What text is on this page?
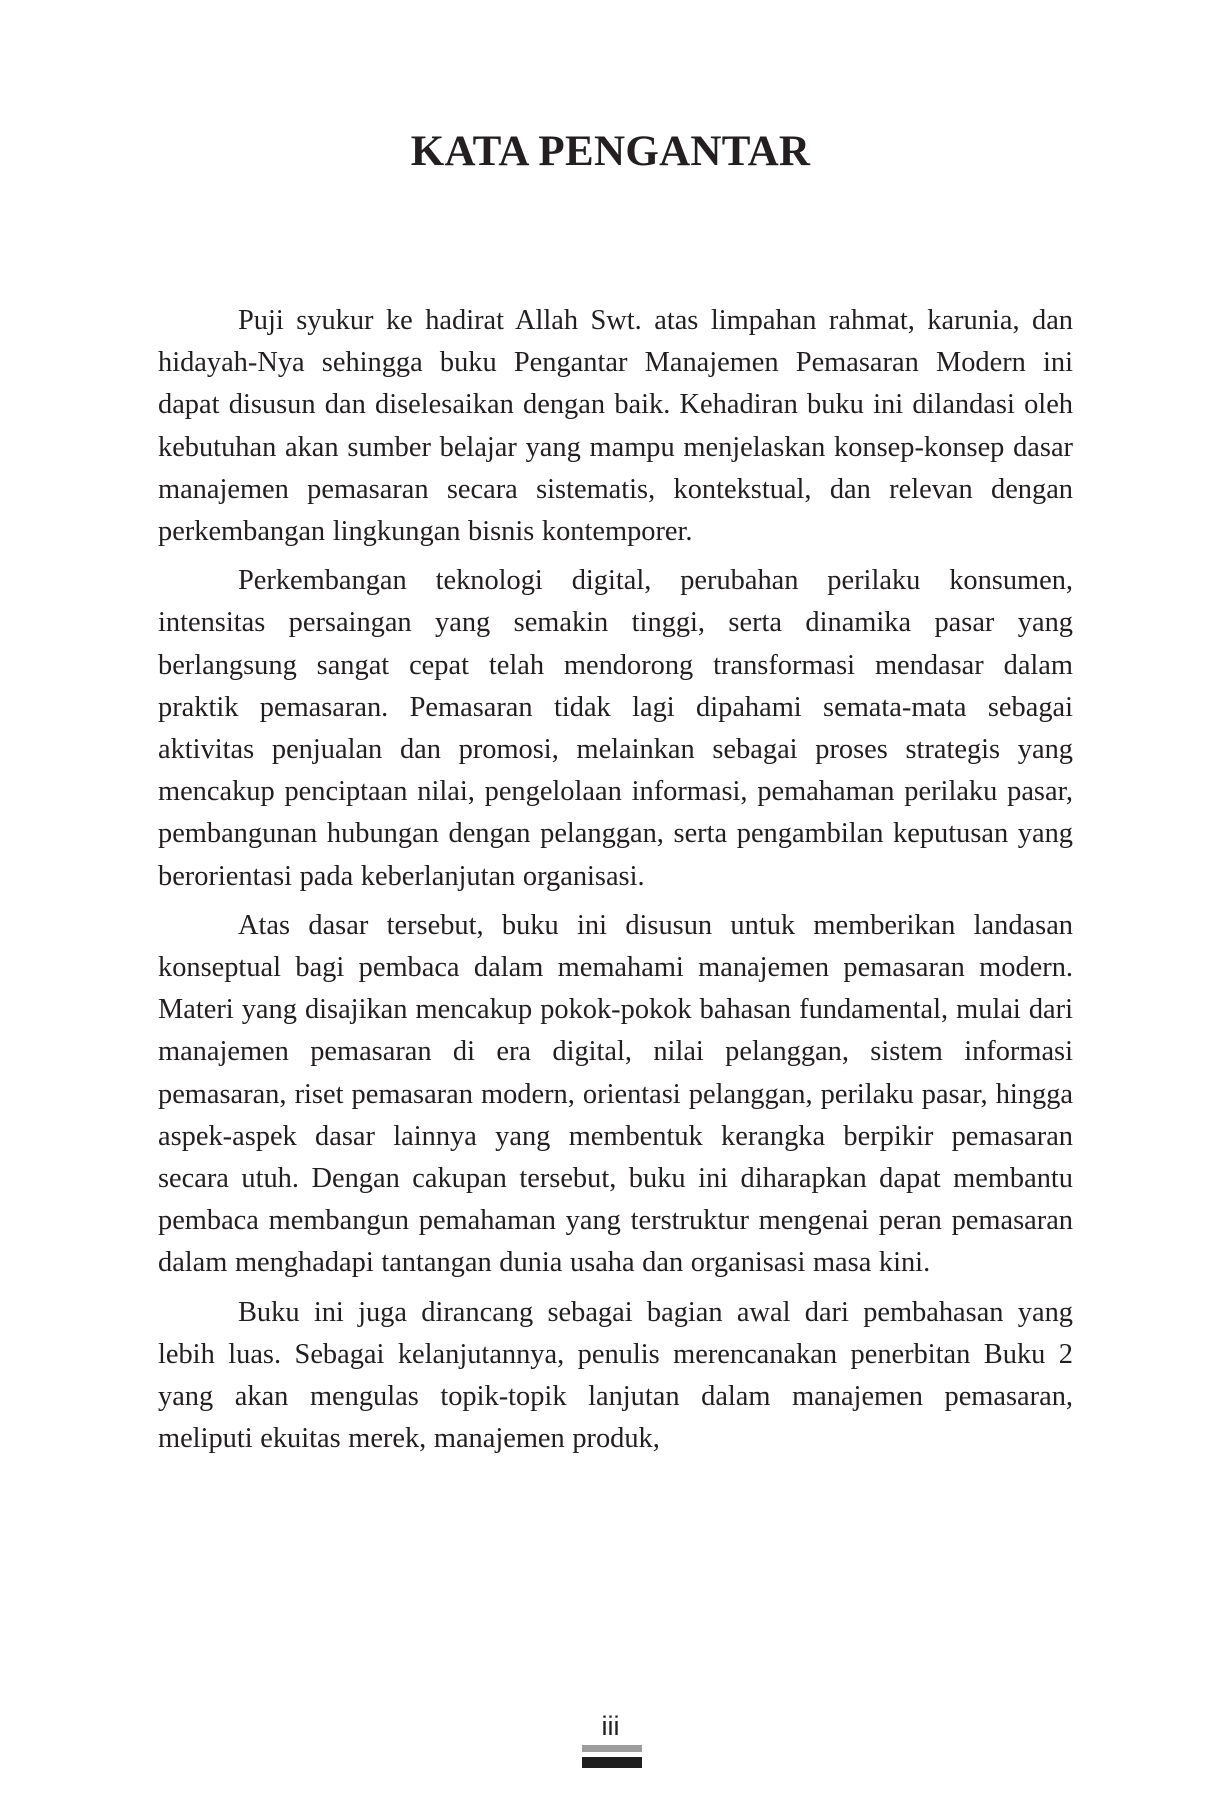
KATA PENGANTAR

Puji syukur ke hadirat Allah Swt. atas limpahan rahmat, karunia, dan hidayah-Nya sehingga buku Pengantar Manajemen Pemasaran Modern ini dapat disusun dan diselesaikan dengan baik. Kehadiran buku ini dilandasi oleh kebutuhan akan sumber belajar yang mampu menjelaskan konsep-konsep dasar manajemen pemasaran secara sistematis, kontekstual, dan relevan dengan perkembangan lingkungan bisnis kontemporer.

Perkembangan teknologi digital, perubahan perilaku konsumen, intensitas persaingan yang semakin tinggi, serta dinamika pasar yang berlangsung sangat cepat telah mendorong transformasi mendasar dalam praktik pemasaran. Pemasaran tidak lagi dipahami semata-mata sebagai aktivitas penjualan dan promosi, melainkan sebagai proses strategis yang mencakup penciptaan nilai, pengelolaan informasi, pemahaman perilaku pasar, pembangunan hubungan dengan pelanggan, serta pengambilan keputusan yang berorientasi pada keberlanjutan organisasi.

Atas dasar tersebut, buku ini disusun untuk memberikan landasan konseptual bagi pembaca dalam memahami manajemen pemasaran modern. Materi yang disajikan mencakup pokok-pokok bahasan fundamental, mulai dari manajemen pemasaran di era digital, nilai pelanggan, sistem informasi pemasaran, riset pemasaran modern, orientasi pelanggan, perilaku pasar, hingga aspek-aspek dasar lainnya yang membentuk kerangka berpikir pemasaran secara utuh. Dengan cakupan tersebut, buku ini diharapkan dapat membantu pembaca membangun pemahaman yang terstruktur mengenai peran pemasaran dalam menghadapi tantangan dunia usaha dan organisasi masa kini.

Buku ini juga dirancang sebagai bagian awal dari pembahasan yang lebih luas. Sebagai kelanjutannya, penulis merencanakan penerbitan Buku 2 yang akan mengulas topik-topik lanjutan dalam manajemen pemasaran, meliputi ekuitas merek, manajemen produk,

iii
